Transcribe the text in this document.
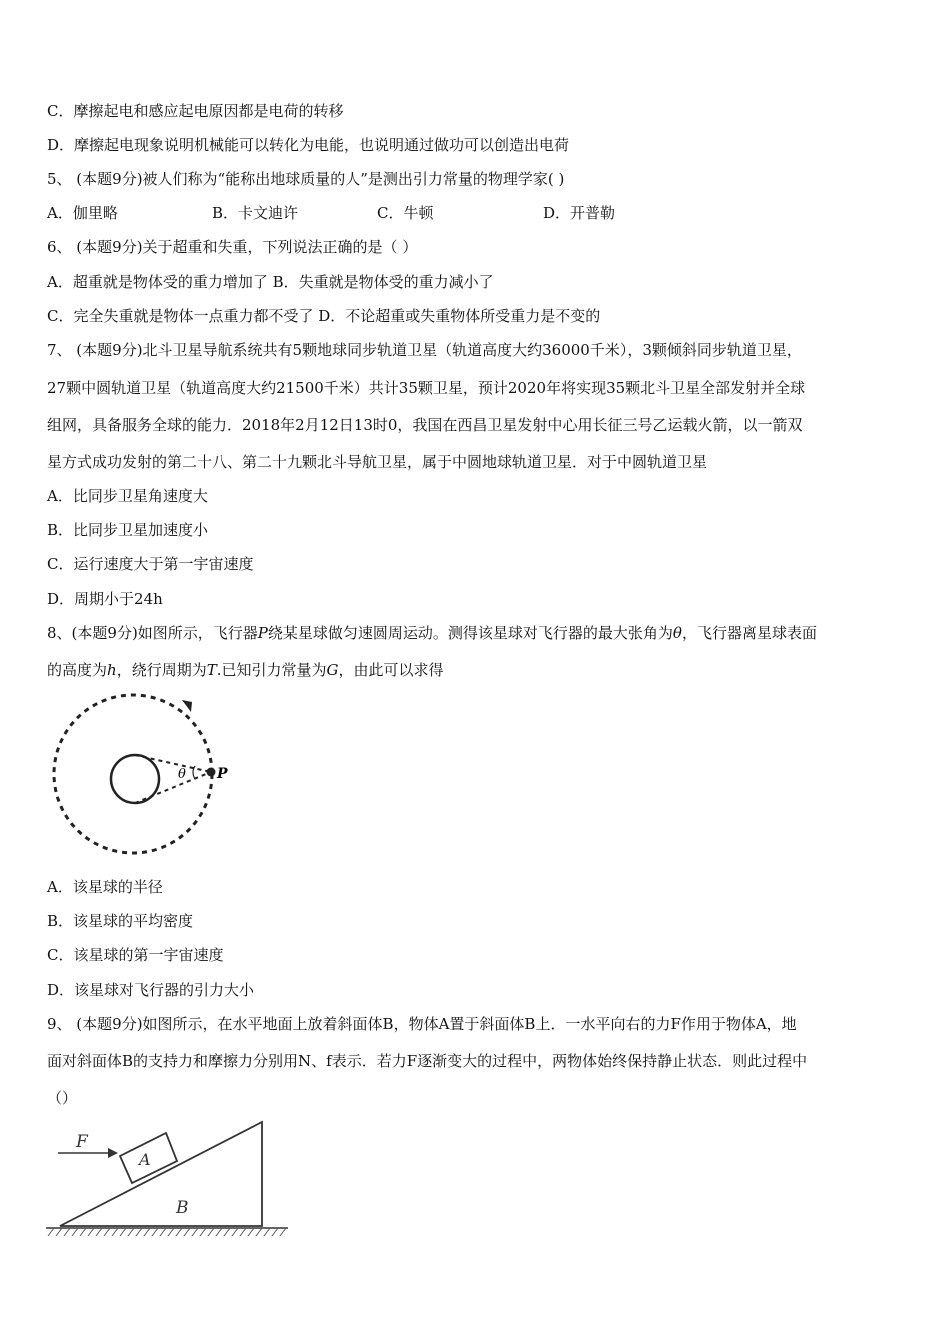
C．摩擦起电和感应起电原因都是电荷的转移
D．摩擦起电现象说明机械能可以转化为电能，也说明通过做功可以创造出电荷
5、 (本题9分)被人们称为“能称出地球质量的人”是测出引力常量的物理学家( )
A．伽里略	B．卡文迪许	C．牛顿	D．开普勒
6、 (本题9分)关于超重和失重，下列说法正确的是（ ）
A．超重就是物体受的重力增加了 B．失重就是物体受的重力减小了
C．完全失重就是物体一点重力都不受了 D．不论超重或失重物体所受重力是不变的
7、 (本题9分)北斗卫星导航系统共有5颗地球同步轨道卫星（轨道高度大约36000千米），3颗倾斜同步轨道卫星，
27颗中圆轨道卫星（轨道高度大约21500千米）共计35颗卫星，预计2020年将实现35颗北斗卫星全部发射并全球
组网，具备服务全球的能力．2018年2月12日13时0，我国在西昌卫星发射中心用长征三号乙运载火箭，以一箭双
星方式成功发射的第二十八、第二十九颗北斗导航卫星，属于中圆地球轨道卫星．对于中圆轨道卫星
A．比同步卫星角速度大
B．比同步卫星加速度小
C．运行速度大于第一宇宙速度
D．周期小于24h
8、(本题9分)如图所示，飞行器P绕某星球做匀速圆周运动。测得该星球对飞行器的最大张角为θ，飞行器离星球表面
的高度为h，绕行周期为T.已知引力常量为G，由此可以求得
θ P
A．该星球的半径
B．该星球的平均密度
C．该星球的第一宇宙速度
D．该星球对飞行器的引力大小
9、 (本题9分)如图所示，在水平地面上放着斜面体B，物体A置于斜面体B上．一水平向右的力F作用于物体A，地
面对斜面体B的支持力和摩擦力分别用N、f表示．若力F逐渐变大的过程中，两物体始终保持静止状态．则此过程中
（）
F
A
B
